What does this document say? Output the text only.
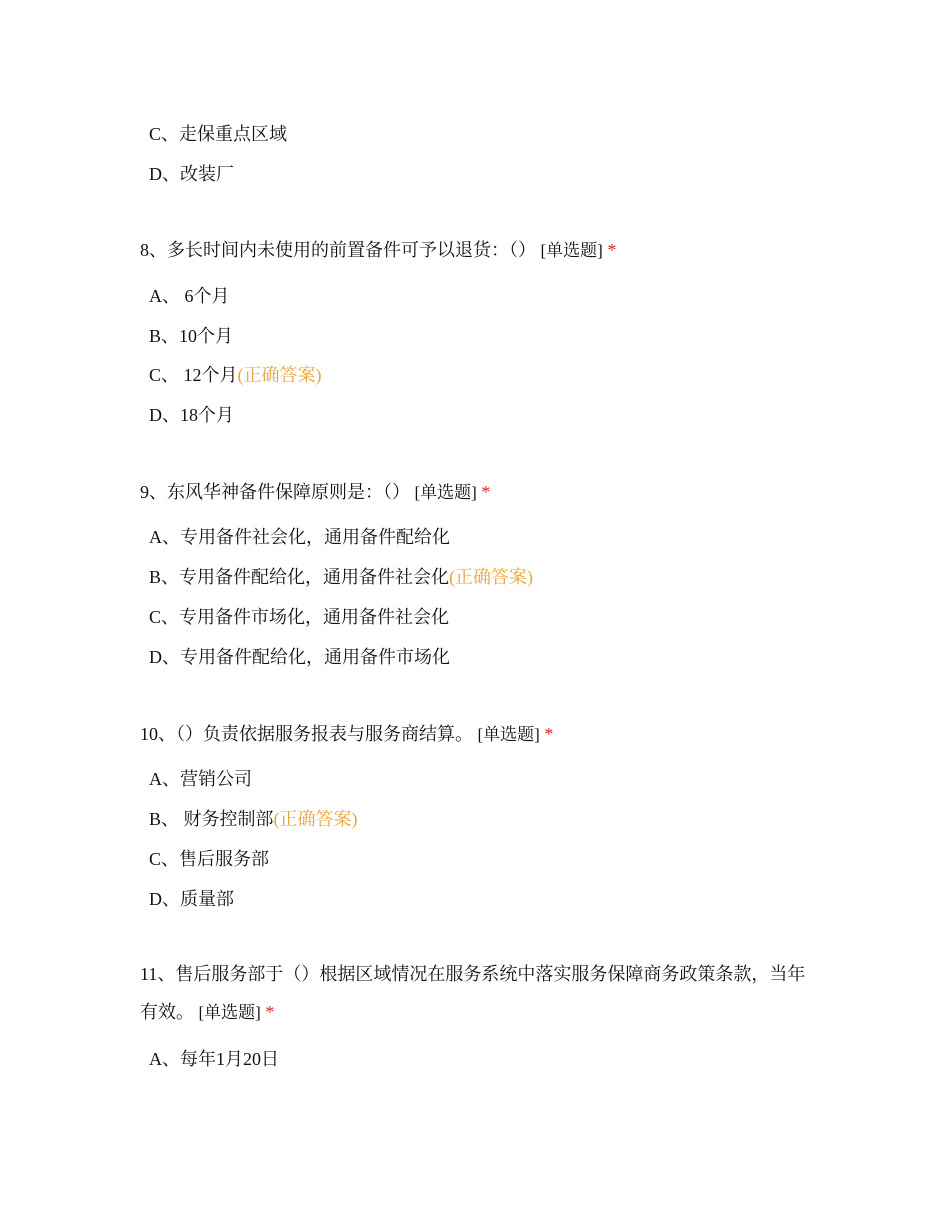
C、走保重点区域
D、改装厂
8、多长时间内未使用的前置备件可予以退货：（） [单选题] *
A、 6个月
B、10个月
C、 12个月(正确答案)
D、18个月
9、东风华神备件保障原则是：（） [单选题] *
A、专用备件社会化，通用备件配给化
B、专用备件配给化，通用备件社会化(正确答案)
C、专用备件市场化，通用备件社会化
D、专用备件配给化，通用备件市场化
10、（）负责依据服务报表与服务商结算。 [单选题] *
A、营销公司
B、 财务控制部(正确答案)
C、售后服务部
D、质量部
11、售后服务部于（）根据区域情况在服务系统中落实服务保障商务政策条款，当年有效。 [单选题] *
A、每年1月20日
